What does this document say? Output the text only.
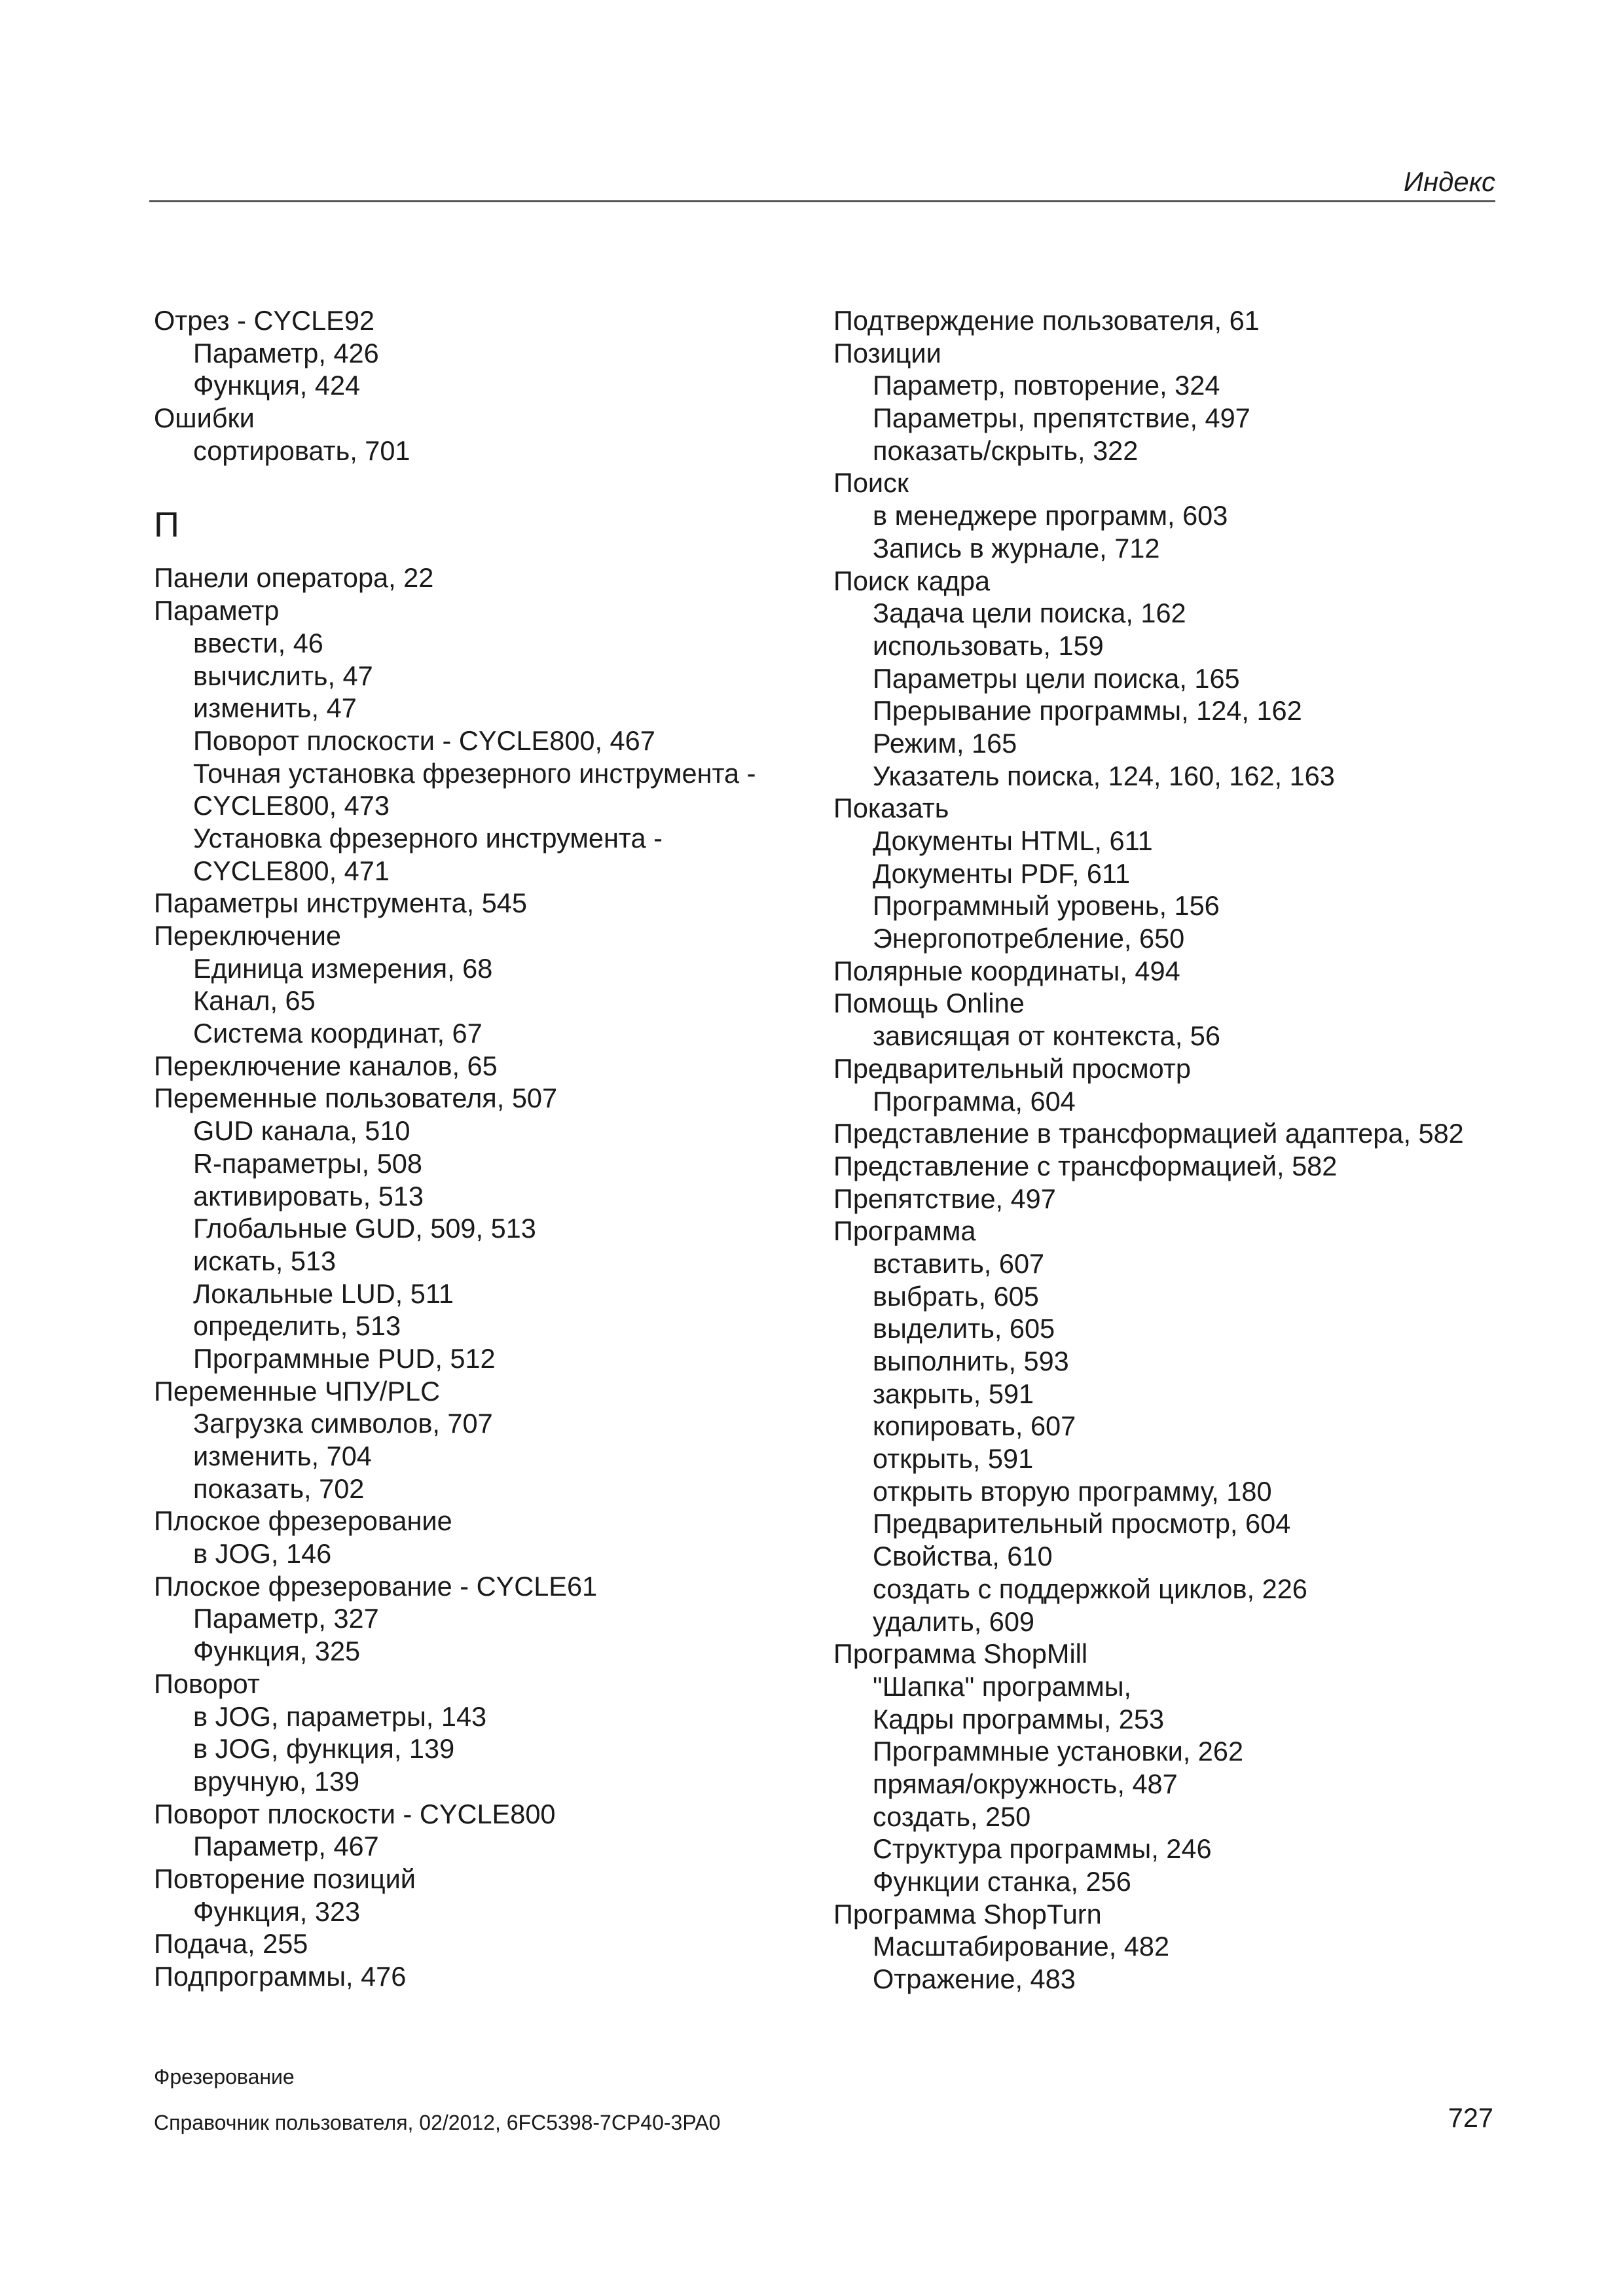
Индекс
Отрез - CYCLE92
Параметр, 426
Функция, 424
Ошибки
сортировать, 701
П
Панели оператора, 22
Параметр
ввести, 46
вычислить, 47
изменить, 47
Поворот плоскости - CYCLE800, 467
Точная установка фрезерного инструмента -
CYCLE800, 473
Установка фрезерного инструмента -
CYCLE800, 471
Параметры инструмента, 545
Переключение
Единица измерения, 68
Канал, 65
Система координат, 67
Переключение каналов, 65
Переменные пользователя, 507
GUD канала, 510
R-параметры, 508
активировать, 513
Глобальные GUD, 509, 513
искать, 513
Локальные LUD, 511
определить, 513
Программные PUD, 512
Переменные ЧПУ/PLC
Загрузка символов, 707
изменить, 704
показать, 702
Плоское фрезерование
в JOG, 146
Плоское фрезерование - CYCLE61
Параметр, 327
Функция, 325
Поворот
в JOG, параметры, 143
в JOG, функция, 139
вручную, 139
Поворот плоскости - CYCLE800
Параметр, 467
Повторение позиций
Функция, 323
Подача, 255
Подпрограммы, 476
Подтверждение пользователя, 61
Позиции
Параметр, повторение, 324
Параметры, препятствие, 497
показать/скрыть, 322
Поиск
в менеджере программ, 603
Запись в журнале, 712
Поиск кадра
Задача цели поиска, 162
использовать, 159
Параметры цели поиска, 165
Прерывание программы, 124, 162
Режим, 165
Указатель поиска, 124, 160, 162, 163
Показать
Документы HTML, 611
Документы PDF, 611
Программный уровень, 156
Энергопотребление, 650
Полярные координаты, 494
Помощь Online
зависящая от контекста, 56
Предварительный просмотр
Программа, 604
Представление в трансформацией адаптера, 582
Представление с трансформацией, 582
Препятствие, 497
Программа
вставить, 607
выбрать, 605
выделить, 605
выполнить, 593
закрыть, 591
копировать, 607
открыть, 591
открыть вторую программу, 180
Предварительный просмотр, 604
Свойства, 610
создать с поддержкой циклов, 226
удалить, 609
Программа ShopMill
"Шапка" программы,
Кадры программы, 253
Программные установки, 262
прямая/окружность, 487
создать, 250
Структура программы, 246
Функции станка, 256
Программа ShopTurn
Масштабирование, 482
Отражение, 483
Фрезерование
Справочник пользователя, 02/2012, 6FC5398-7CP40-3PA0	727
